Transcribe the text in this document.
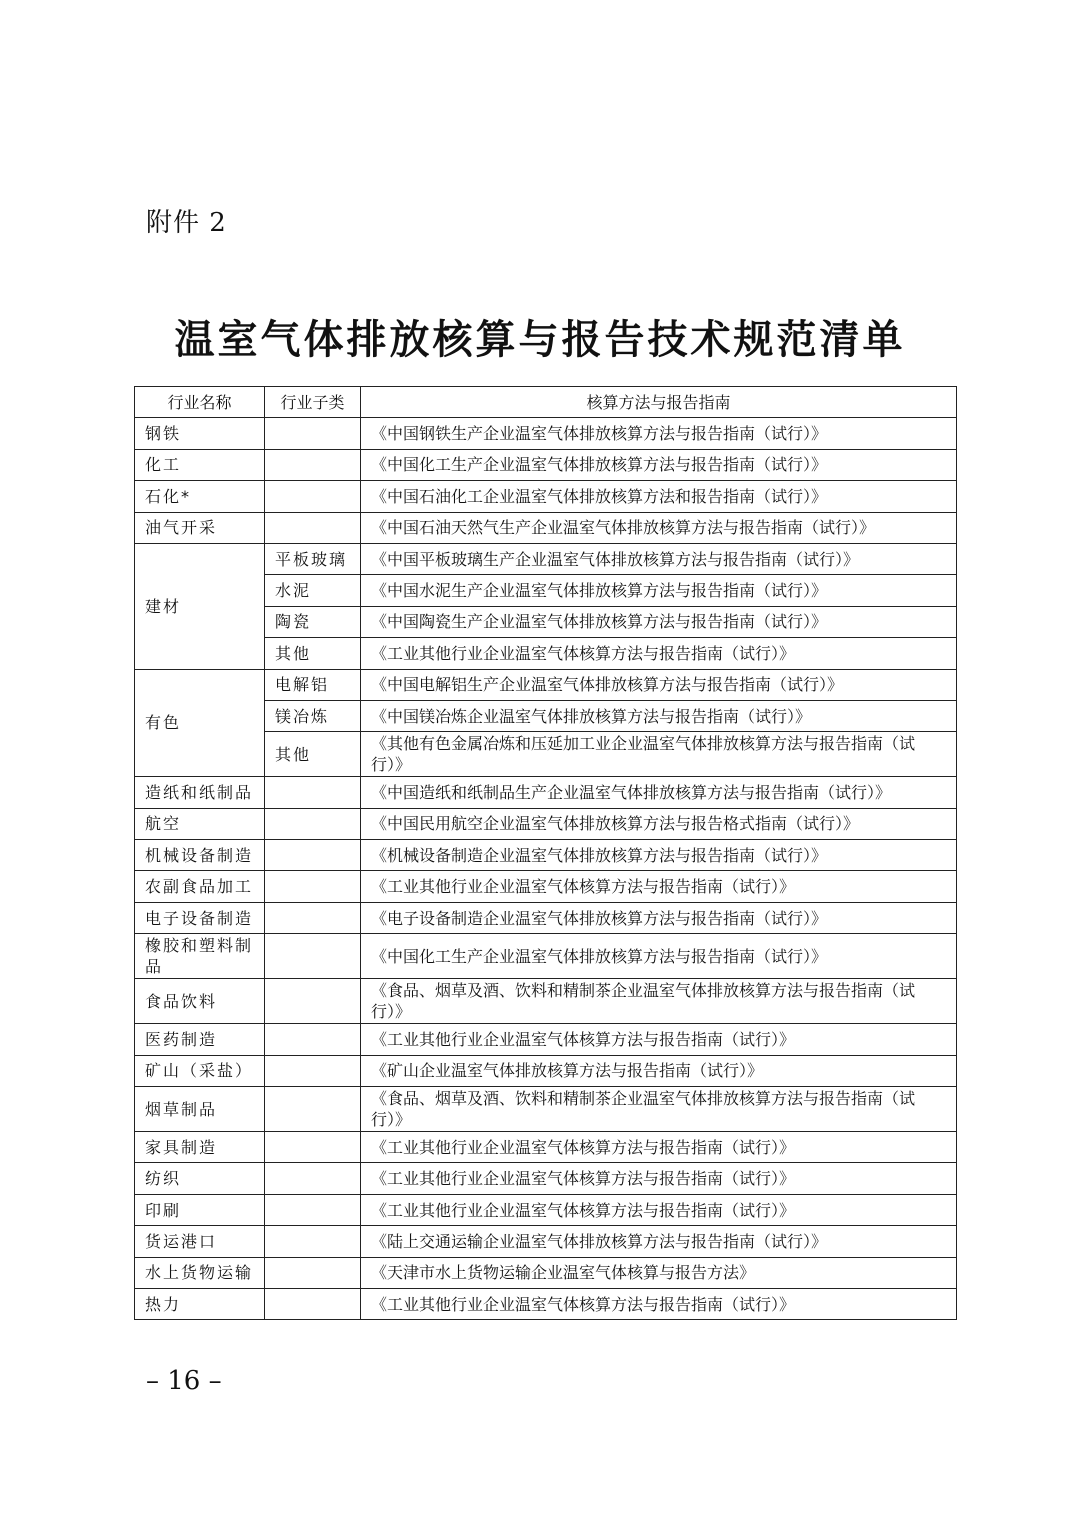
附件 2
温室气体排放核算与报告技术规范清单
行业名称	行业子类	核算方法与报告指南
钢铁		《中国钢铁生产企业温室气体排放核算方法与报告指南（试行）》
化工		《中国化工生产企业温室气体排放核算方法与报告指南（试行）》
石化*		《中国石油化工企业温室气体排放核算方法和报告指南（试行）》
油气开采		《中国石油天然气生产企业温室气体排放核算方法与报告指南（试行）》
建材	平板玻璃	《中国平板玻璃生产企业温室气体排放核算方法与报告指南（试行）》
	水泥	《中国水泥生产企业温室气体排放核算方法与报告指南（试行）》
	陶瓷	《中国陶瓷生产企业温室气体排放核算方法与报告指南（试行）》
	其他	《工业其他行业企业温室气体核算方法与报告指南（试行）》
有色	电解铝	《中国电解铝生产企业温室气体排放核算方法与报告指南（试行）》
	镁冶炼	《中国镁冶炼企业温室气体排放核算方法与报告指南（试行）》
	其他	《其他有色金属冶炼和压延加工业企业温室气体排放核算方法与报告指南（试行）》
造纸和纸制品		《中国造纸和纸制品生产企业温室气体排放核算方法与报告指南（试行）》
航空		《中国民用航空企业温室气体排放核算方法与报告格式指南（试行）》
机械设备制造		《机械设备制造企业温室气体排放核算方法与报告指南（试行）》
农副食品加工		《工业其他行业企业温室气体核算方法与报告指南（试行）》
电子设备制造		《电子设备制造企业温室气体排放核算方法与报告指南（试行）》
橡胶和塑料制品		《中国化工生产企业温室气体排放核算方法与报告指南（试行）》
食品饮料		《食品、烟草及酒、饮料和精制茶企业温室气体排放核算方法与报告指南（试行）》
医药制造		《工业其他行业企业温室气体核算方法与报告指南（试行）》
矿山（采盐）		《矿山企业温室气体排放核算方法与报告指南（试行）》
烟草制品		《食品、烟草及酒、饮料和精制茶企业温室气体排放核算方法与报告指南（试行）》
家具制造		《工业其他行业企业温室气体核算方法与报告指南（试行）》
纺织		《工业其他行业企业温室气体核算方法与报告指南（试行）》
印刷		《工业其他行业企业温室气体核算方法与报告指南（试行）》
货运港口		《陆上交通运输企业温室气体排放核算方法与报告指南（试行）》
水上货物运输		《天津市水上货物运输企业温室气体核算与报告方法》
热力		《工业其他行业企业温室气体核算方法与报告指南（试行）》
– 16 –
